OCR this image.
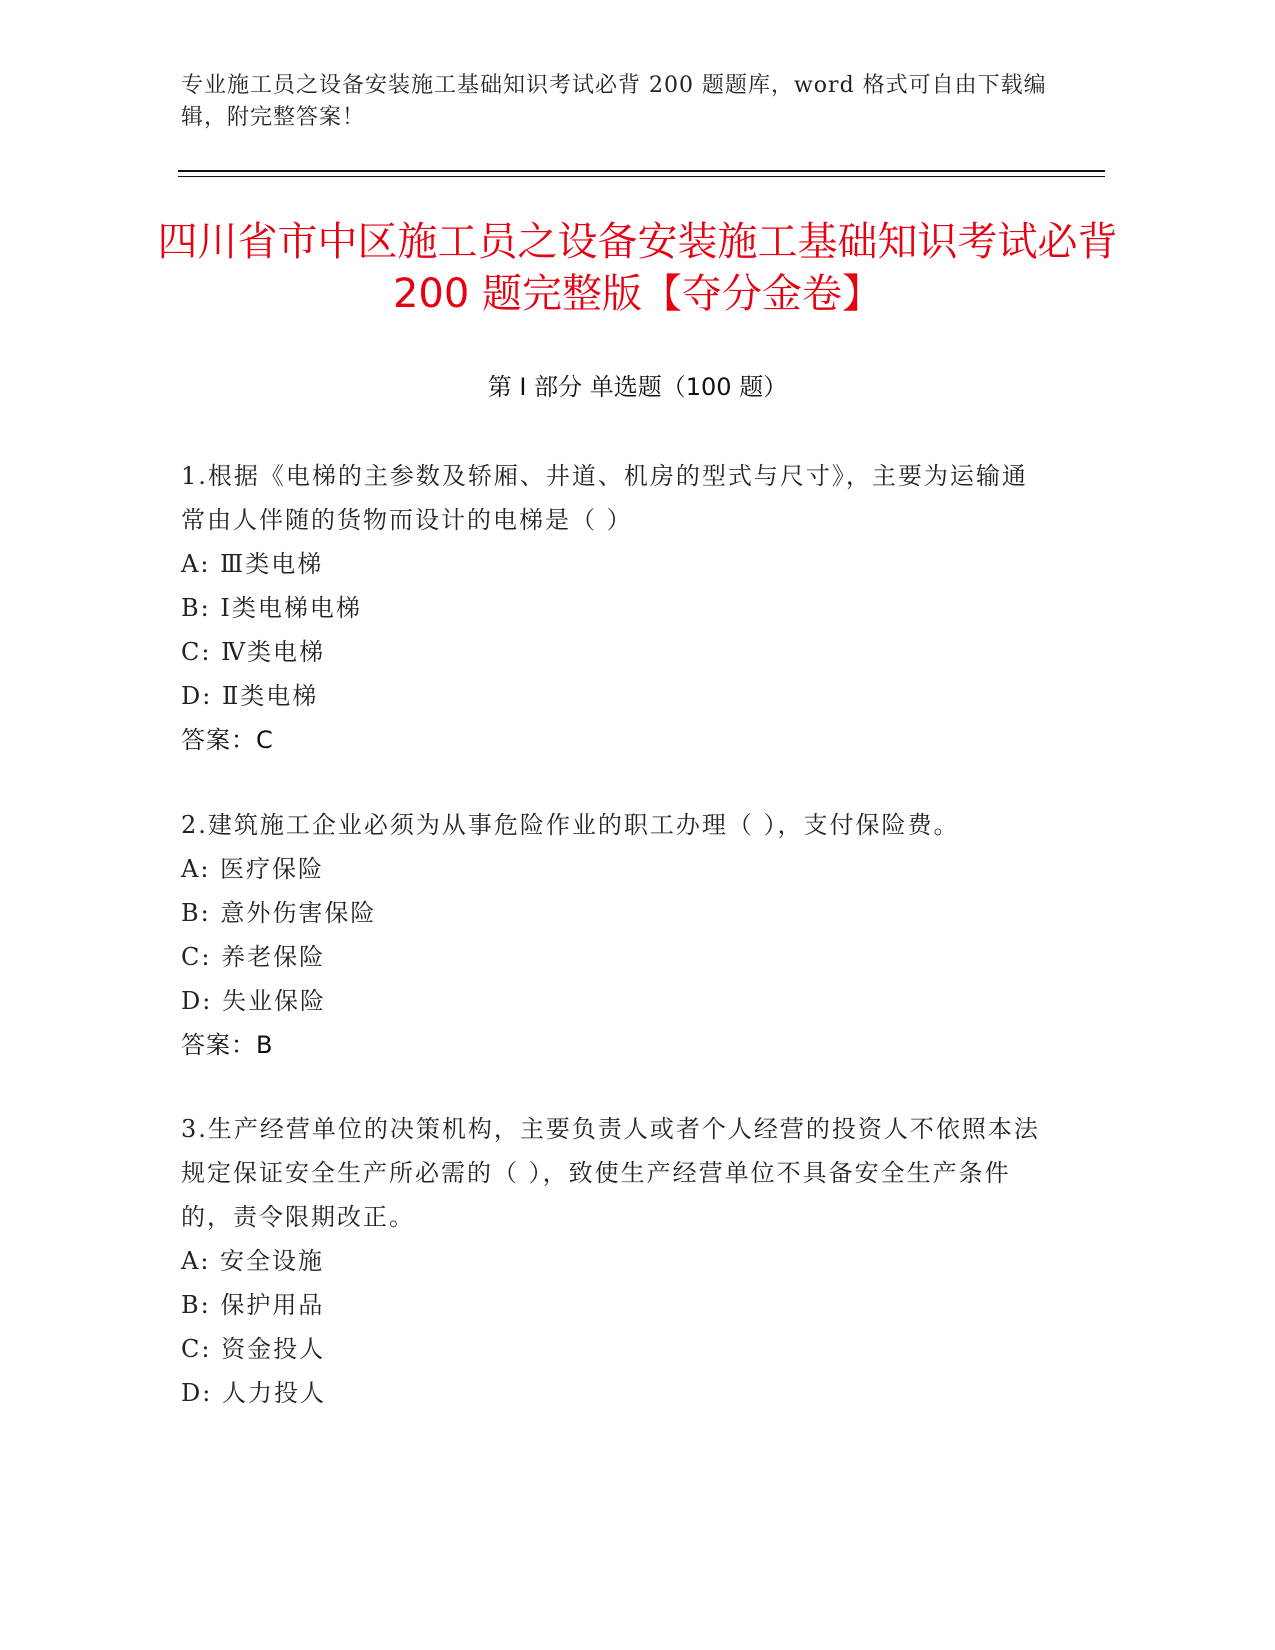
专业施工员之设备安装施工基础知识考试必背 200 题题库，word 格式可自由下载编辑，附完整答案！
四川省市中区施工员之设备安装施工基础知识考试必背 200 题完整版【夺分金卷】
第 I 部分 单选题（100 题）
1.根据《电梯的主参数及轿厢、井道、机房的型式与尺寸》，主要为运输通常由人伴随的货物而设计的电梯是（ ）
A: Ⅲ类电梯
B: Ⅰ类电梯电梯
C: Ⅳ类电梯
D: Ⅱ类电梯
答案：C
2.建筑施工企业必须为从事危险作业的职工办理（ ），支付保险费。
A: 医疗保险
B: 意外伤害保险
C: 养老保险
D: 失业保险
答案：B
3.生产经营单位的决策机构，主要负责人或者个人经营的投资人不依照本法规定保证安全生产所必需的（ ），致使生产经营单位不具备安全生产条件的，责令限期改正。
A: 安全设施
B: 保护用品
C: 资金投人
D: 人力投人
